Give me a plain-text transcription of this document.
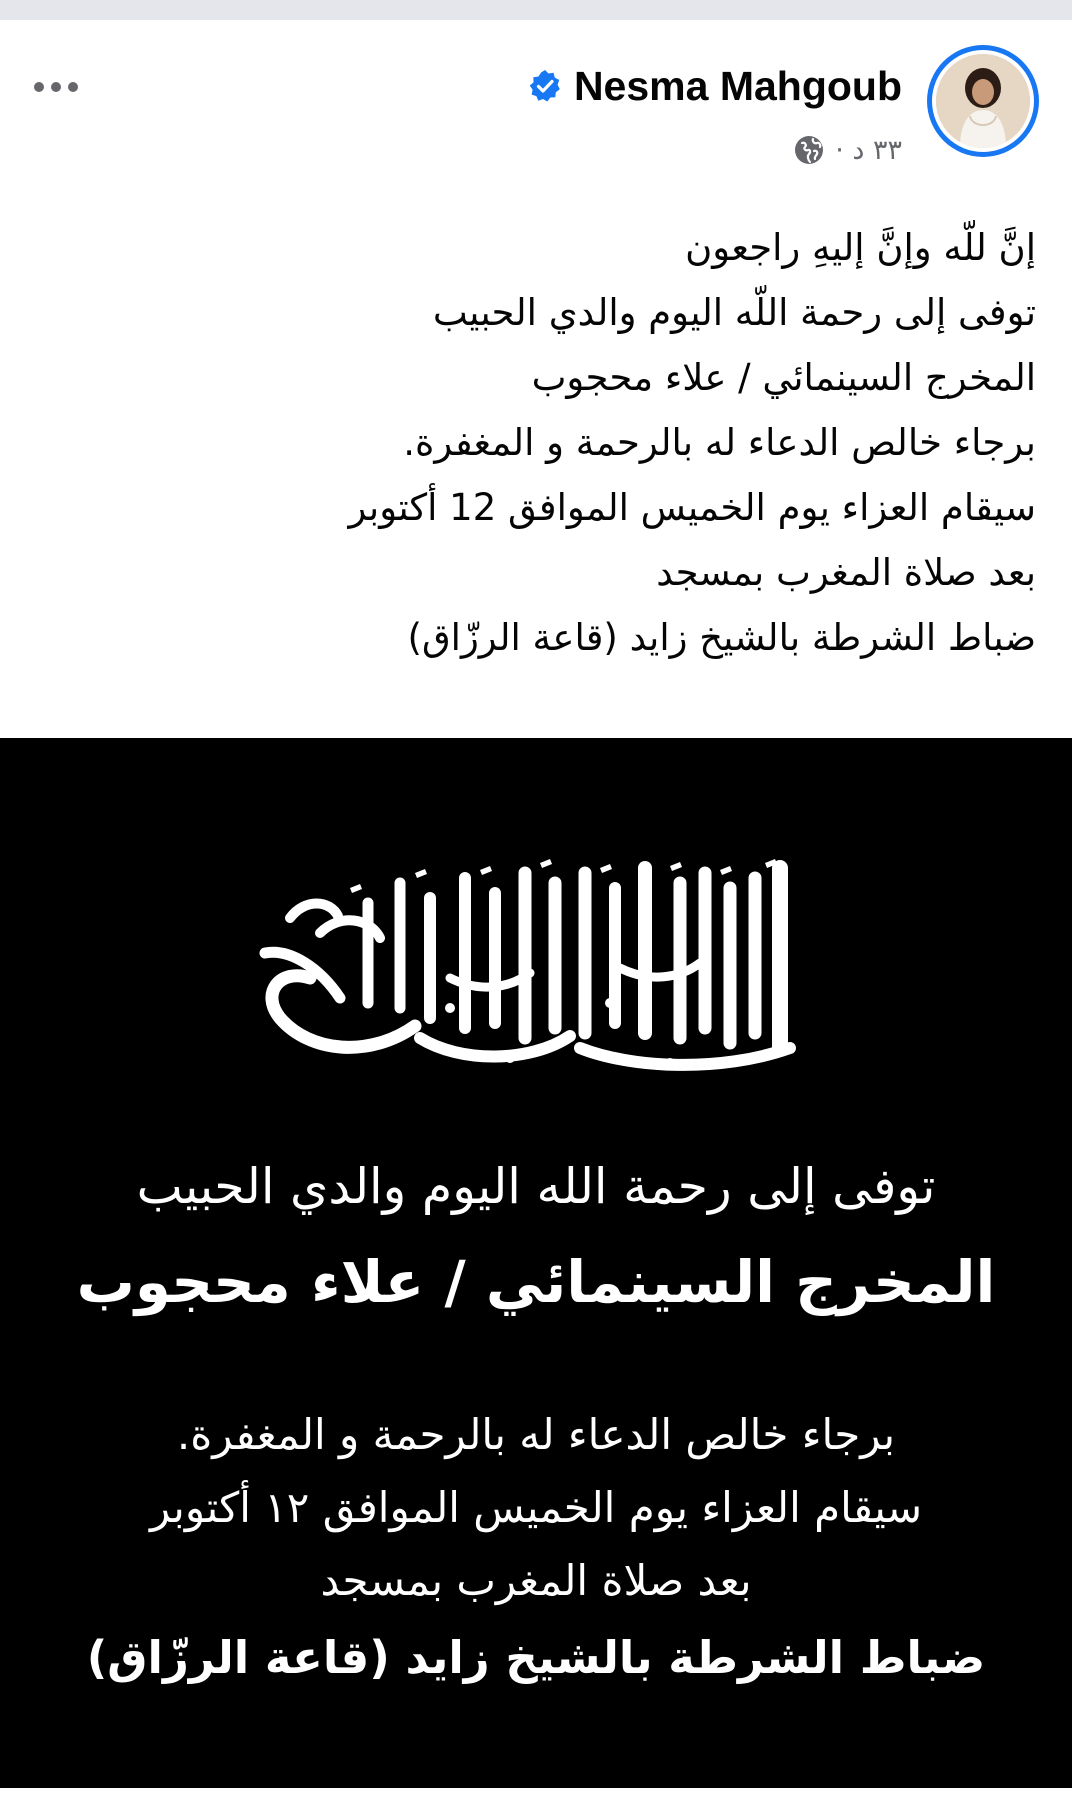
Nesma Mahgoub
٣٣ د ·
إنَّ للّه وإنَّ إليهِ راجعون
توفى إلى رحمة اللّه اليوم والدي الحبيب
المخرج السينمائي / علاء محجوب
برجاء خالص الدعاء له بالرحمة و المغفرة.
سيقام العزاء يوم الخميس الموافق 12 أكتوبر
بعد صلاة المغرب بمسجد
ضباط الشرطة بالشيخ زايد (قاعة الرزّاق)
توفى إلى رحمة الله اليوم والدي الحبيب
المخرج السينمائي / علاء محجوب
برجاء خالص الدعاء له بالرحمة و المغفرة.
سيقام العزاء يوم الخميس الموافق ١٢ أكتوبر
بعد صلاة المغرب بمسجد
ضباط الشرطة بالشيخ زايد (قاعة الرزّاق)
